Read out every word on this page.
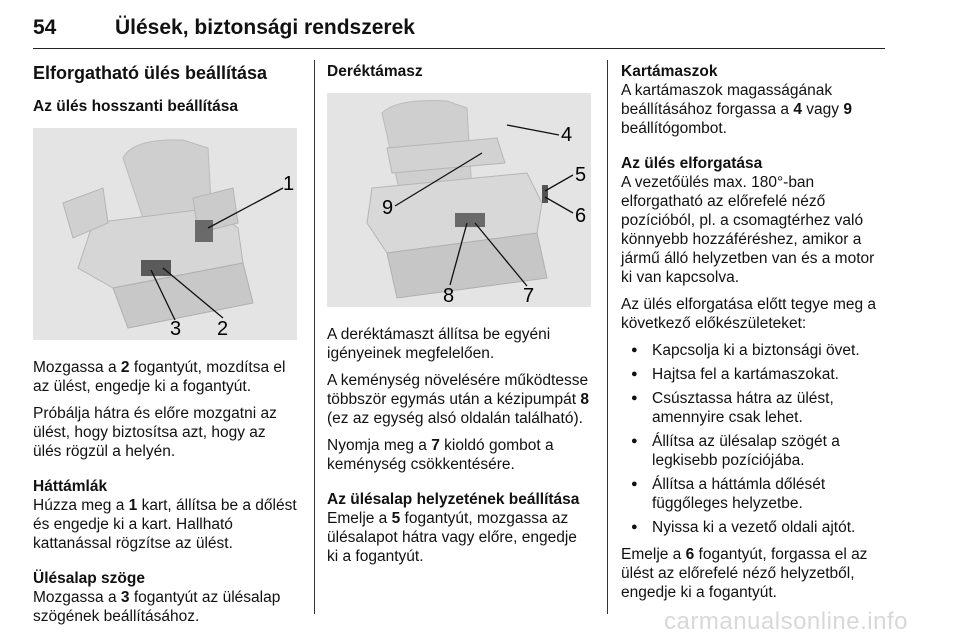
54	Ülések, biztonsági rendszerek
Elforgatható ülés beállítása

Az ülés hosszanti beállítása

1
2
3

Mozgassa a 2 fogantyút, mozdítsa el az ülést, engedje ki a fogantyút.

Próbálja hátra és előre mozgatni az ülést, hogy biztosítsa azt, hogy az ülés rögzül a helyén.

Háttámlák

Húzza meg a 1 kart, állítsa be a dőlést és engedje ki a kart. Hallható kattanással rögzítse az ülést.

Ülésalap szöge

Mozgassa a 3 fogantyút az ülésalap szögének beállításához.

Deréktámasz

4
5
6
9
8	7

A deréktámaszt állítsa be egyéni igényeinek megfelelően.

A keménység növelésére működtesse többször egymás után a kézipumpát 8 (ez az egység alsó oldalán található).

Nyomja meg a 7 kioldó gombot a keménység csökkentésére.

Az ülésalap helyzetének beállítása

Emelje a 5 fogantyút, mozgassa az ülésalapot hátra vagy előre, engedje ki a fogantyút.

Kartámaszok

A kartámaszok magasságának beállításához forgassa a 4 vagy 9 beállítógombot.

Az ülés elforgatása

A vezetőülés max. 180°-ban elforgatható az előrefelé néző pozícióból, pl. a csomagtérhez való könnyebb hozzáféréshez, amikor a jármű álló helyzetben van és a motor ki van kapcsolva.

Az ülés elforgatása előtt tegye meg a következő előkészületeket:

● Kapcsolja ki a biztonsági övet.
● Hajtsa fel a kartámaszokat.
● Csúsztassa hátra az ülést, amennyire csak lehet.
● Állítsa az ülésalap szögét a legkisebb pozíciójába.
● Állítsa a háttámla dőlését függőleges helyzetbe.
● Nyissa ki a vezető oldali ajtót.

Emelje a 6 fogantyút, forgassa el az ülést az előrefelé néző helyzetből, engedje ki a fogantyút.

carmanualsonline.info
